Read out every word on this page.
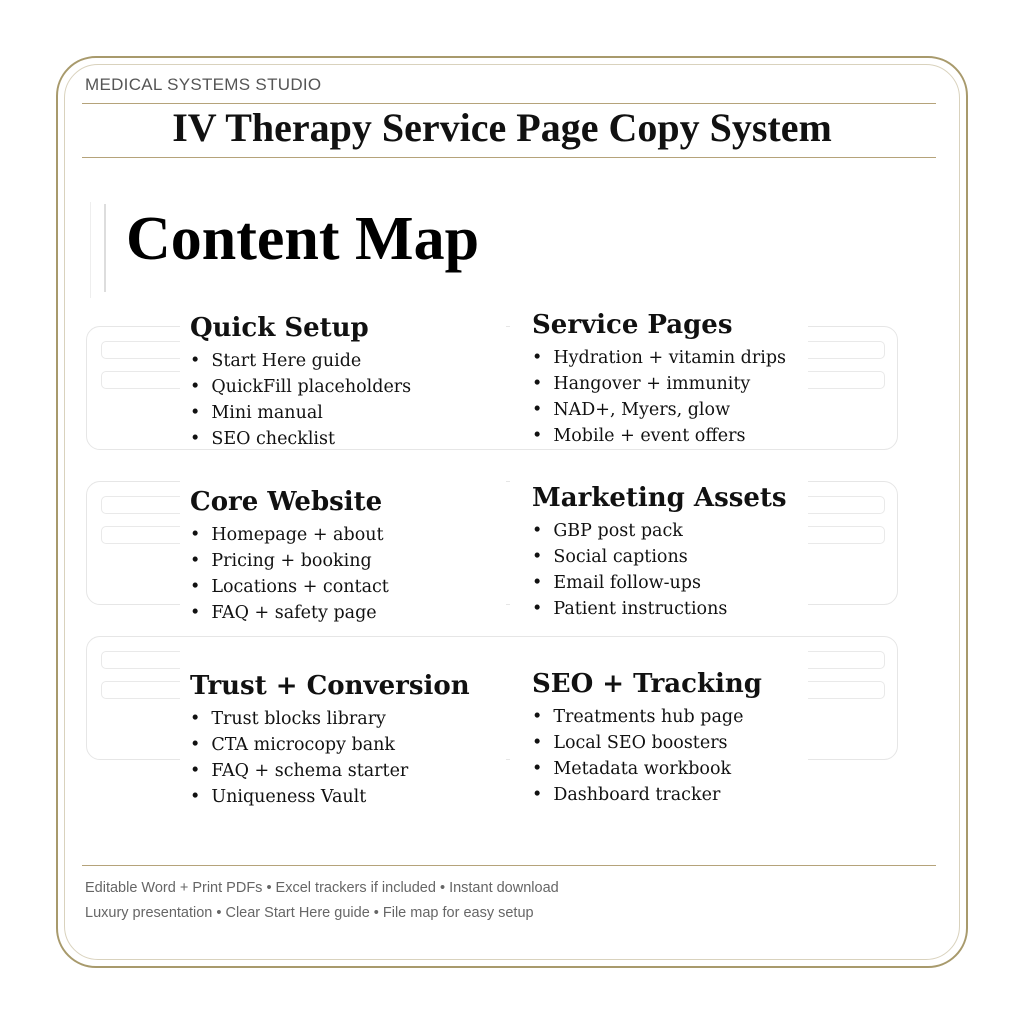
MEDICAL SYSTEMS STUDIO
IV Therapy Service Page Copy System
Content Map
Quick Setup
• Start Here guide
• QuickFill placeholders
• Mini manual
• SEO checklist
Service Pages
• Hydration + vitamin drips
• Hangover + immunity
• NAD+, Myers, glow
• Mobile + event offers
Core Website
• Homepage + about
• Pricing + booking
• Locations + contact
• FAQ + safety page
Marketing Assets
• GBP post pack
• Social captions
• Email follow-ups
• Patient instructions
Trust + Conversion
• Trust blocks library
• CTA microcopy bank
• FAQ + schema starter
• Uniqueness Vault
SEO + Tracking
• Treatments hub page
• Local SEO boosters
• Metadata workbook
• Dashboard tracker
Editable Word + Print PDFs • Excel trackers if included • Instant download
Luxury presentation • Clear Start Here guide • File map for easy setup
